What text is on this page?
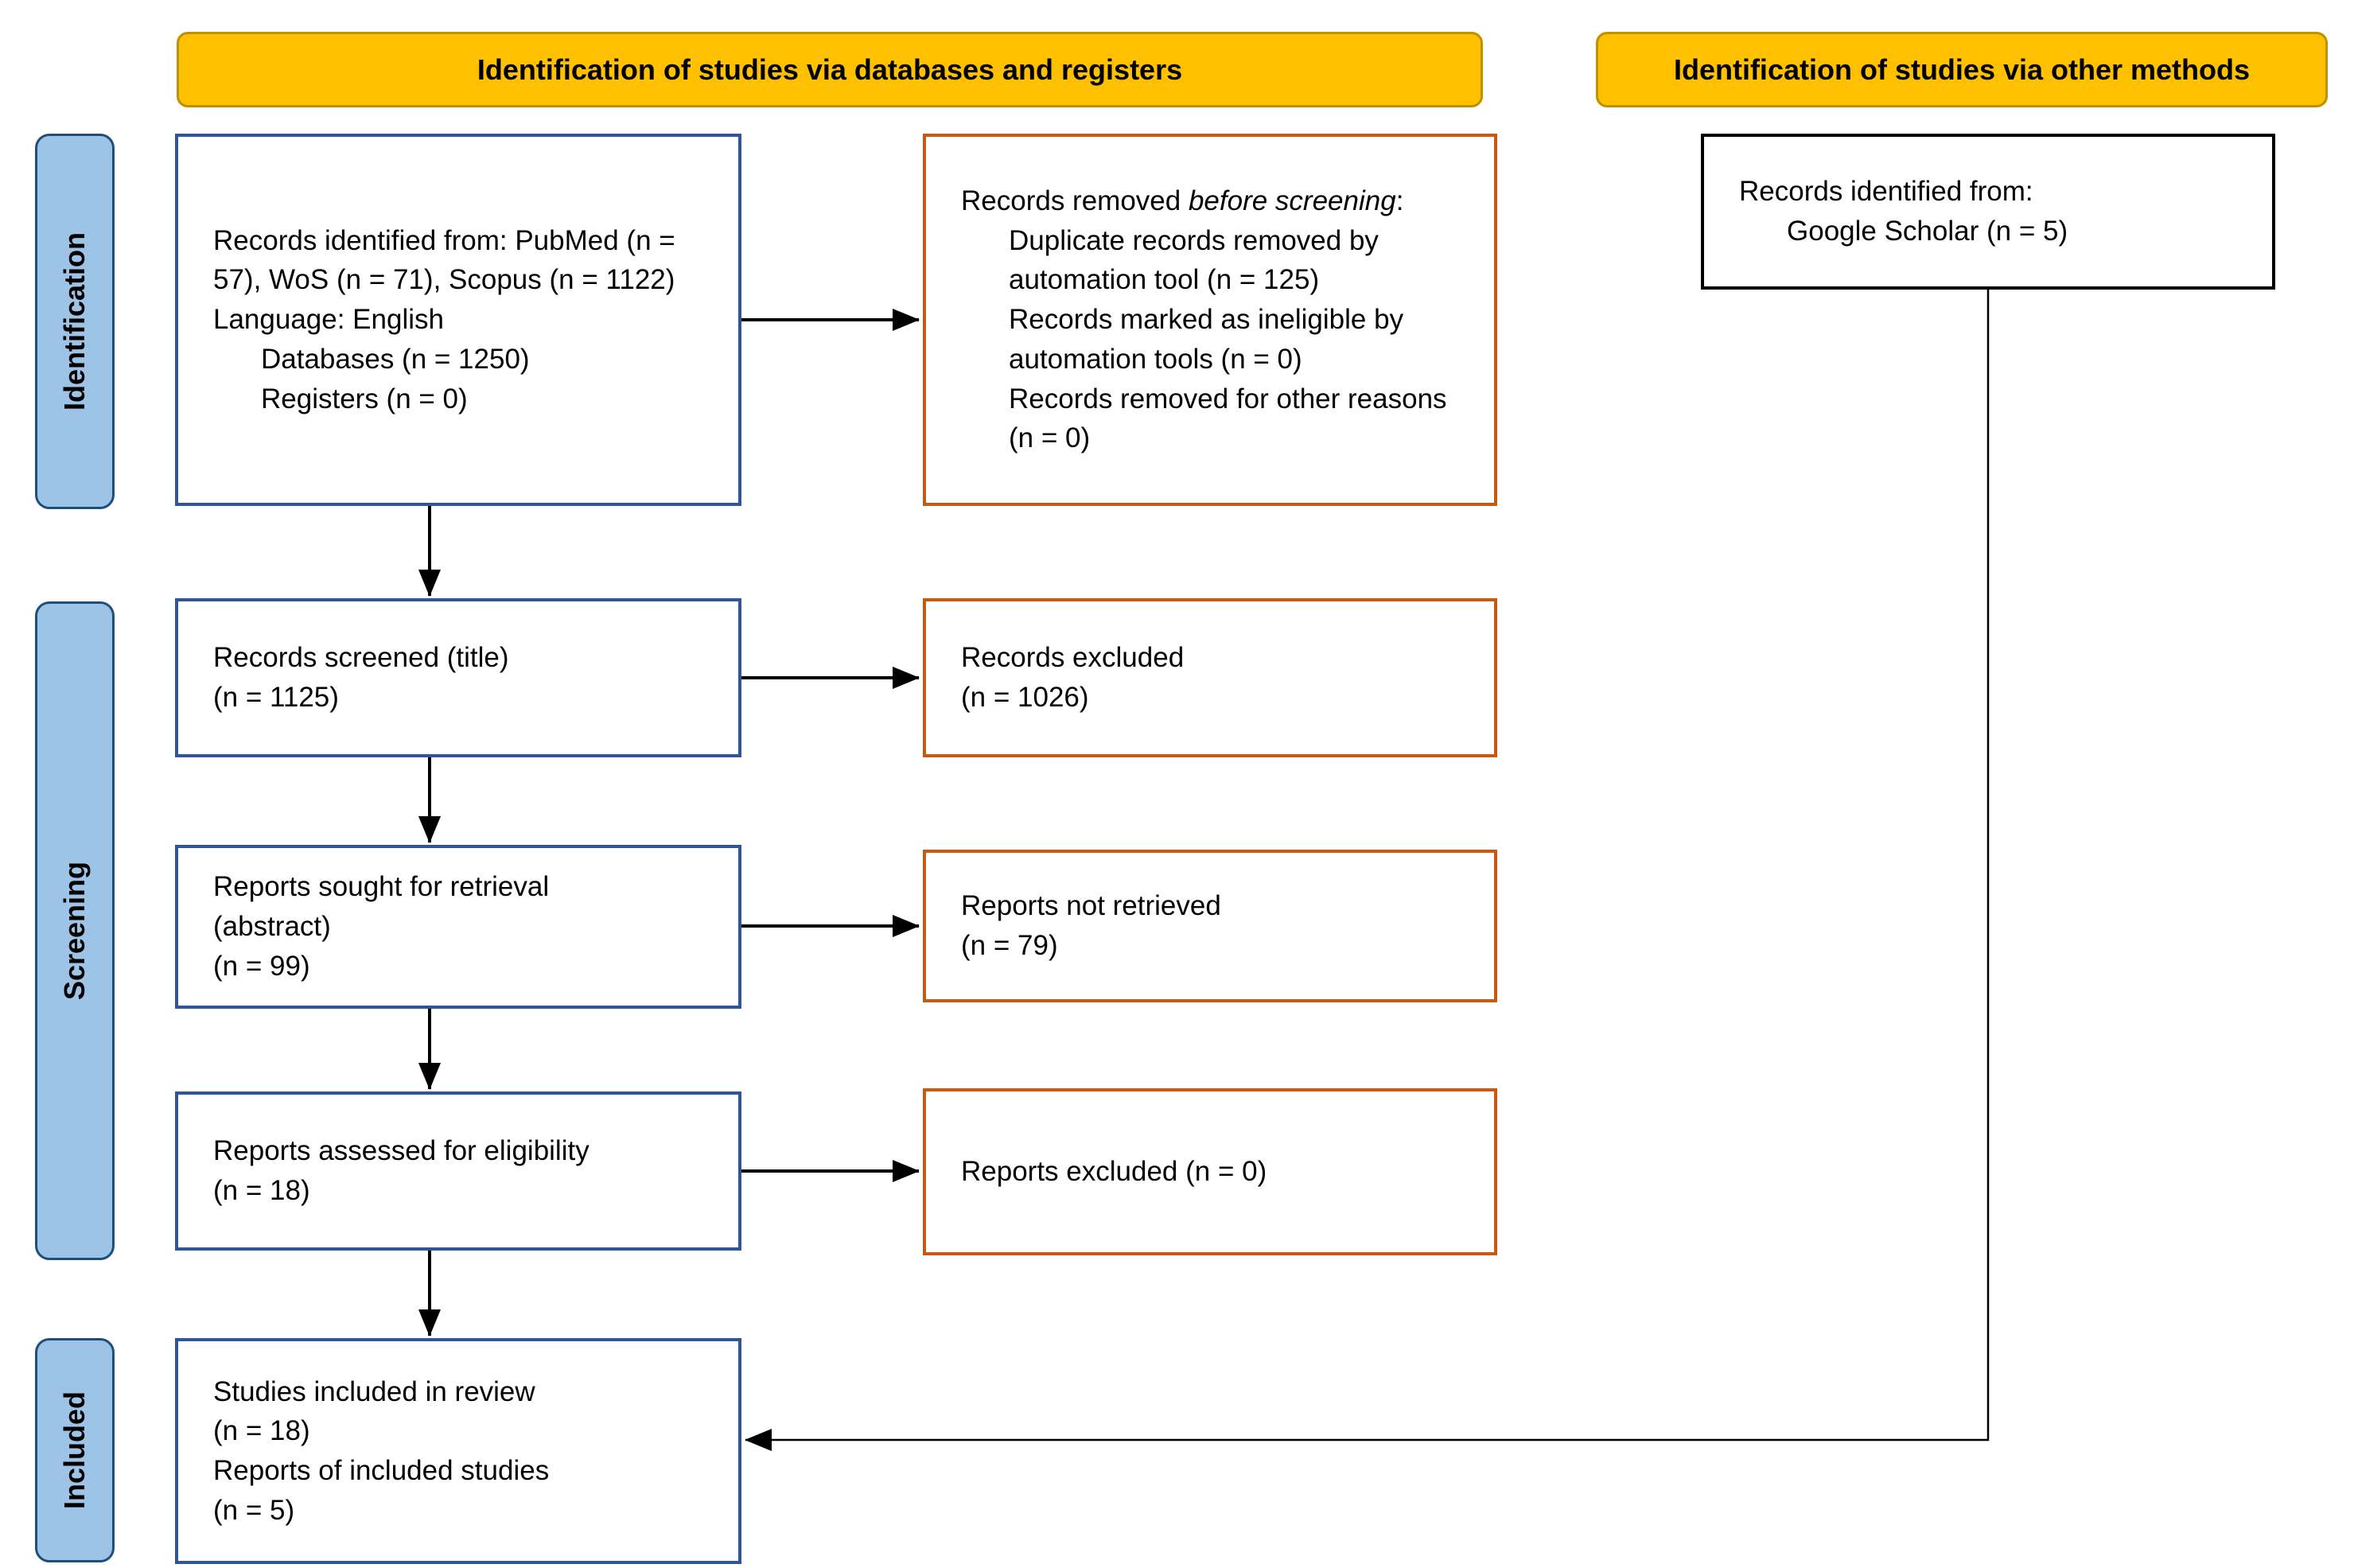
Identification of studies via databases and registers	Identification of studies via other methods
Identification
Screening
Included

Records identified from: PubMed (n = 57), WoS (n = 71), Scopus (n = 1122)

Language: English

Databases (n = 1250)

Registers (n = 0)

Records removed before screening:

Duplicate records removed by automation tool (n = 125)

Records marked as ineligible by automation tools (n = 0)

Records removed for other reasons (n = 0)

Records identified from:

Google Scholar (n = 5)

Records screened (title)

(n = 1125)

Records excluded

(n = 1026)

Reports sought for retrieval

(abstract)

(n = 99)

Reports not retrieved

(n = 79)

Reports assessed for eligibility

(n = 18)

Reports excluded (n = 0)

Studies included in review

(n = 18)

Reports of included studies

(n = 5)
